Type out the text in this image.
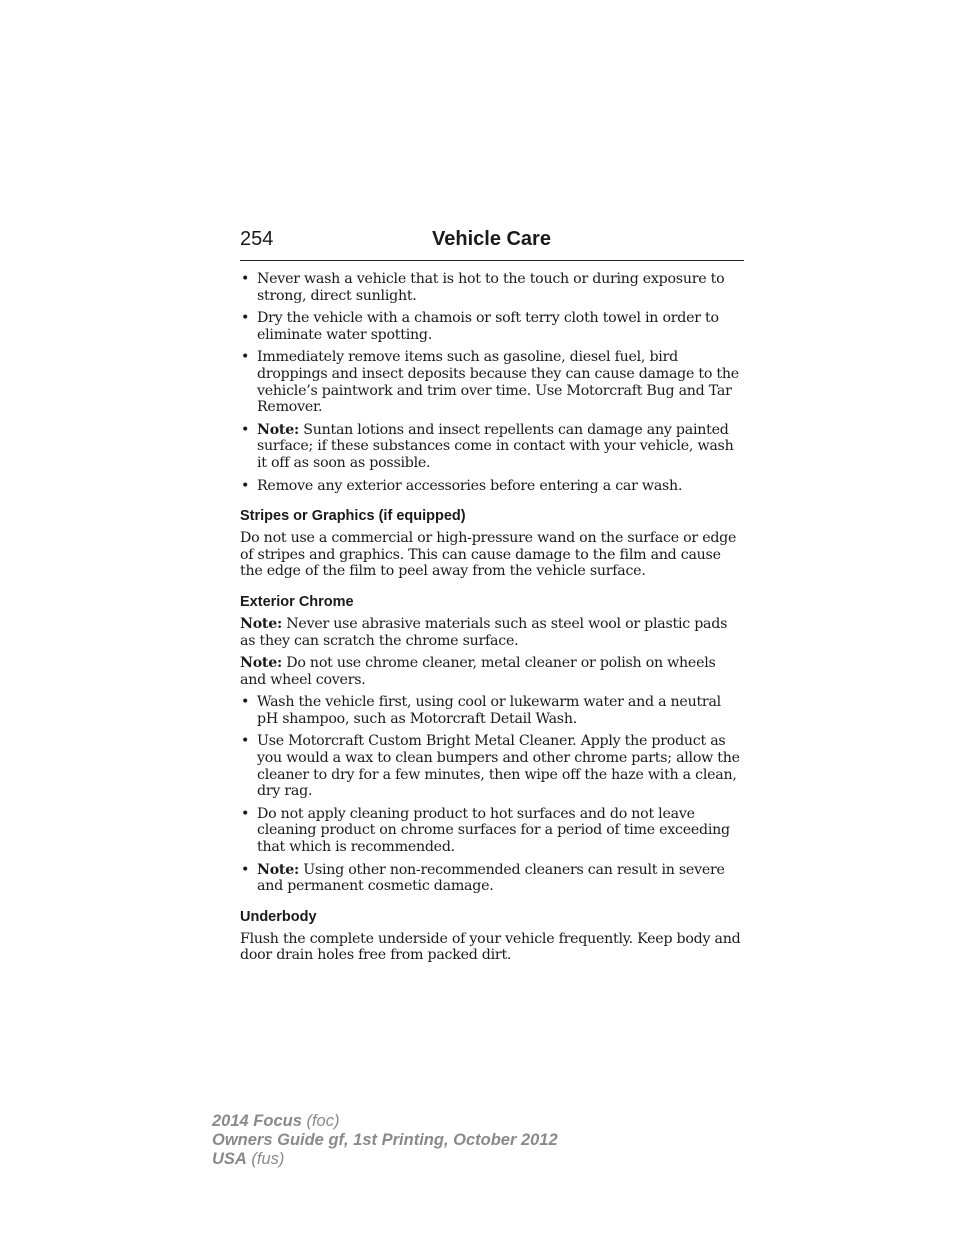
254	Vehicle Care
• Never wash a vehicle that is hot to the touch or during exposure to strong, direct sunlight.
• Dry the vehicle with a chamois or soft terry cloth towel in order to eliminate water spotting.
• Immediately remove items such as gasoline, diesel fuel, bird droppings and insect deposits because they can cause damage to the vehicle’s paintwork and trim over time. Use Motorcraft Bug and Tar Remover.
• Note: Suntan lotions and insect repellents can damage any painted surface; if these substances come in contact with your vehicle, wash it off as soon as possible.
• Remove any exterior accessories before entering a car wash.
Stripes or Graphics (if equipped)

Do not use a commercial or high-pressure wand on the surface or edge of stripes and graphics. This can cause damage to the film and cause the edge of the film to peel away from the vehicle surface.

Exterior Chrome

Note: Never use abrasive materials such as steel wool or plastic pads as they can scratch the chrome surface.

Note: Do not use chrome cleaner, metal cleaner or polish on wheels and wheel covers.

• Wash the vehicle first, using cool or lukewarm water and a neutral pH shampoo, such as Motorcraft Detail Wash.
• Use Motorcraft Custom Bright Metal Cleaner. Apply the product as you would a wax to clean bumpers and other chrome parts; allow the cleaner to dry for a few minutes, then wipe off the haze with a clean, dry rag.
• Do not apply cleaning product to hot surfaces and do not leave cleaning product on chrome surfaces for a period of time exceeding that which is recommended.
• Note: Using other non-recommended cleaners can result in severe and permanent cosmetic damage.
Underbody

Flush the complete underside of your vehicle frequently. Keep body and door drain holes free from packed dirt.

2014 Focus (foc)
Owners Guide gf, 1st Printing, October 2012
USA (fus)
